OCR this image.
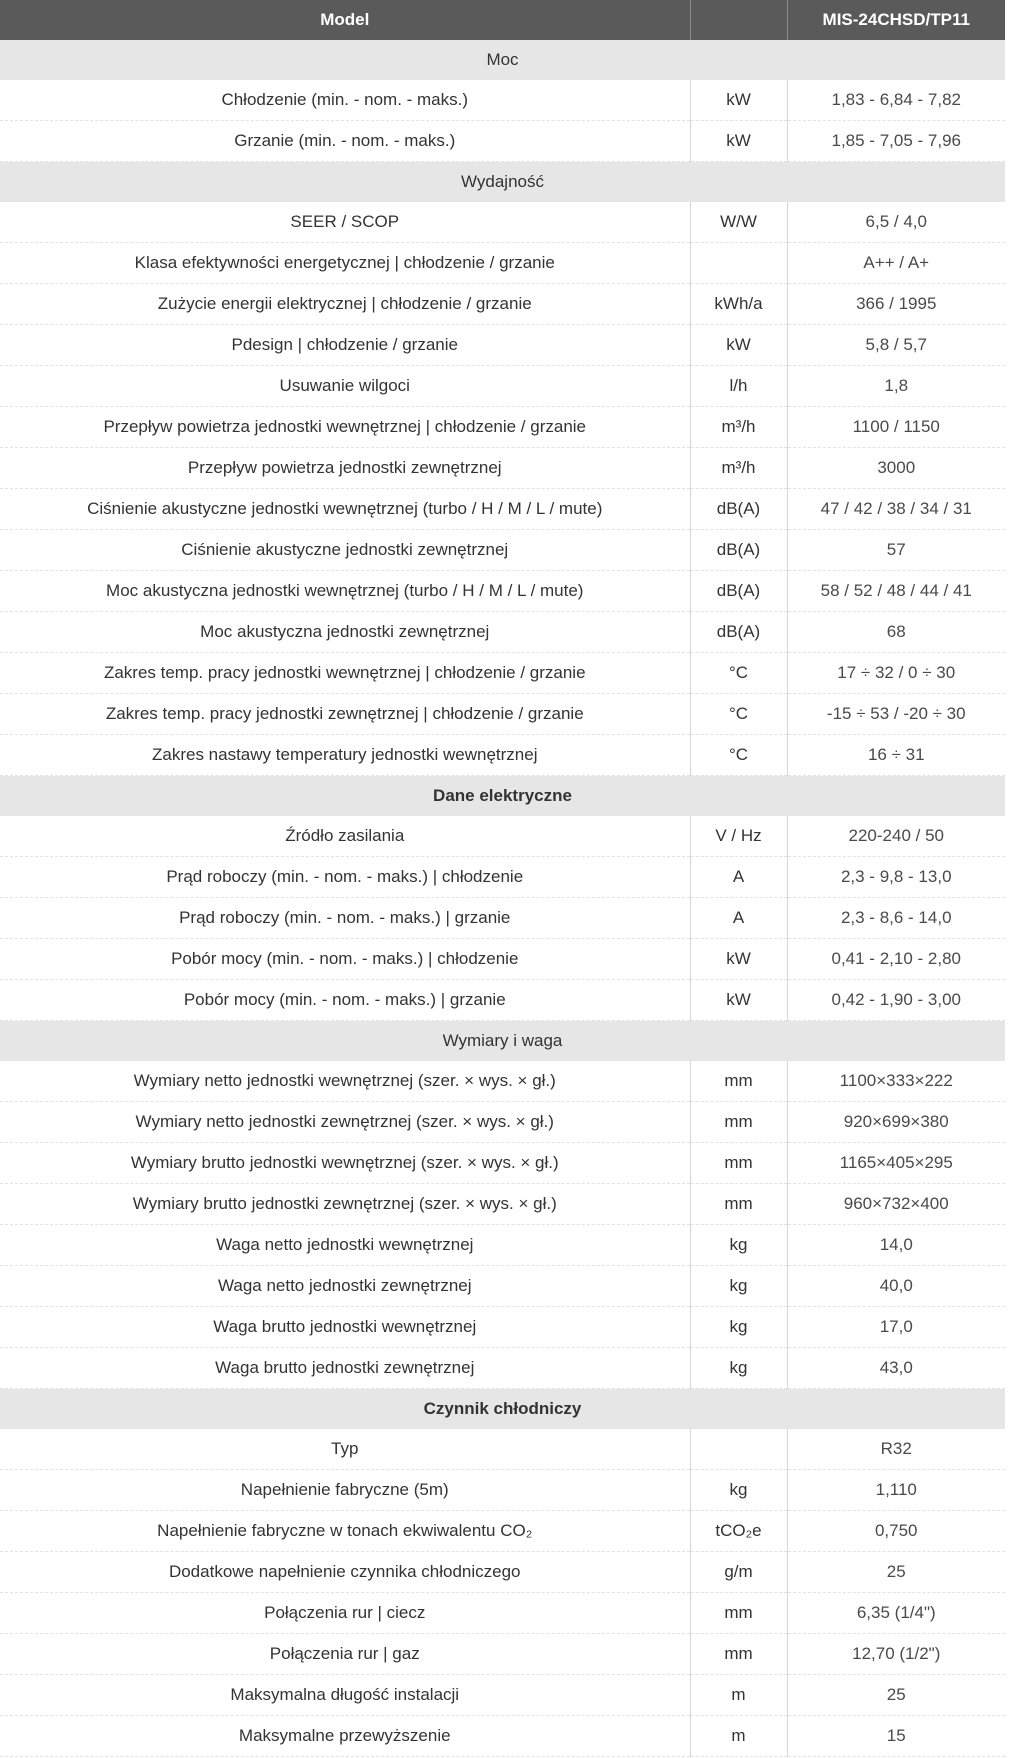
Model		MIS-24CHSD/TP11
Moc		
Chłodzenie (min. - nom. - maks.)	kW	1,83 - 6,84 - 7,82
Grzanie (min. - nom. - maks.)	kW	1,85 - 7,05 - 7,96
Wydajność		
SEER / SCOP	W/W	6,5 / 4,0
Klasa efektywności energetycznej | chłodzenie / grzanie		A++ / A+
Zużycie energii elektrycznej | chłodzenie / grzanie	kWh/a	366 / 1995
Pdesign | chłodzenie / grzanie	kW	5,8 / 5,7
Usuwanie wilgoci	l/h	1,8
Przepływ powietrza jednostki wewnętrznej | chłodzenie / grzanie	m³/h	1100 / 1150
Przepływ powietrza jednostki zewnętrznej	m³/h	3000
Ciśnienie akustyczne jednostki wewnętrznej (turbo / H / M / L / mute)	dB(A)	47 / 42 / 38 / 34 / 31
Ciśnienie akustyczne jednostki zewnętrznej	dB(A)	57
Moc akustyczna jednostki wewnętrznej (turbo / H / M / L / mute)	dB(A)	58 / 52 / 48 / 44 / 41
Moc akustyczna jednostki zewnętrznej	dB(A)	68
Zakres temp. pracy jednostki wewnętrznej | chłodzenie / grzanie	°C	17 ÷ 32 / 0 ÷ 30
Zakres temp. pracy jednostki zewnętrznej | chłodzenie / grzanie	°C	-15 ÷ 53 / -20 ÷ 30
Zakres nastawy temperatury jednostki wewnętrznej	°C	16 ÷ 31
Dane elektryczne		
Źródło zasilania	V / Hz	220-240 / 50
Prąd roboczy (min. - nom. - maks.) | chłodzenie	A	2,3 - 9,8 - 13,0
Prąd roboczy (min. - nom. - maks.) | grzanie	A	2,3 - 8,6 - 14,0
Pobór mocy (min. - nom. - maks.) | chłodzenie	kW	0,41 - 2,10 - 2,80
Pobór mocy (min. - nom. - maks.) | grzanie	kW	0,42 - 1,90 - 3,00
Wymiary i waga		
Wymiary netto jednostki wewnętrznej (szer. × wys. × gł.)	mm	1100×333×222
Wymiary netto jednostki zewnętrznej (szer. × wys. × gł.)	mm	920×699×380
Wymiary brutto jednostki wewnętrznej (szer. × wys. × gł.)	mm	1165×405×295
Wymiary brutto jednostki zewnętrznej (szer. × wys. × gł.)	mm	960×732×400
Waga netto jednostki wewnętrznej	kg	14,0
Waga netto jednostki zewnętrznej	kg	40,0
Waga brutto jednostki wewnętrznej	kg	17,0
Waga brutto jednostki zewnętrznej	kg	43,0
Czynnik chłodniczy		
Typ		R32
Napełnienie fabryczne (5m)	kg	1,110
Napełnienie fabryczne w tonach ekwiwalentu CO₂	tCO₂e	0,750
Dodatkowe napełnienie czynnika chłodniczego	g/m	25
Połączenia rur | ciecz	mm	6,35 (1/4")
Połączenia rur | gaz	mm	12,70 (1/2")
Maksymalna długość instalacji	m	25
Maksymalne przewyższenie	m	15
